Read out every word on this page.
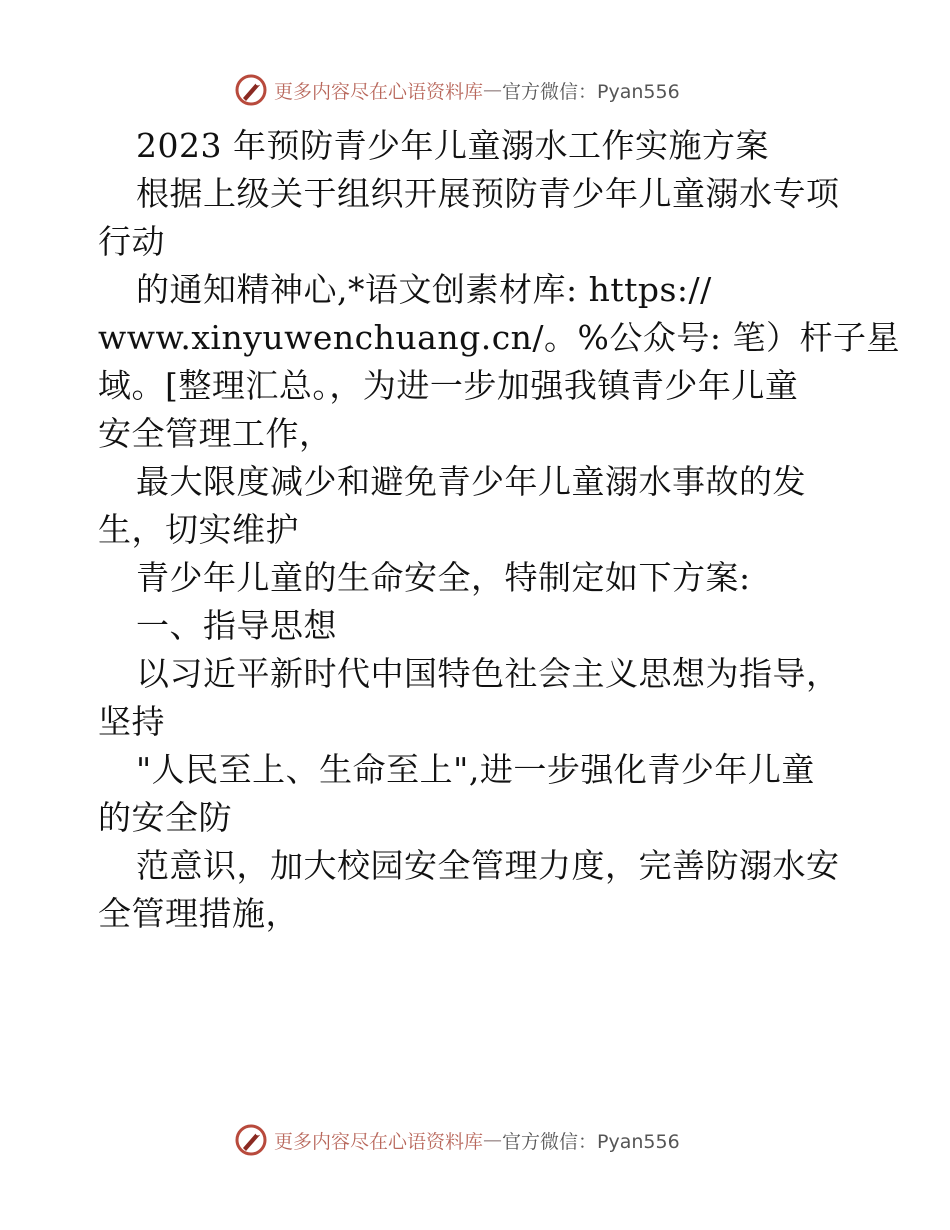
更多内容尽在心语资料库 — 官方微信：Pyan556
2023 年预防青少年儿童溺水工作实施方案
根据上级关于组织开展预防青少年儿童溺水专项
行动
的通知精神心,*语文创素材库: https://
www.xinyuwenchuang.cn/。%公众号: 笔）杆子星
域。[整理汇总。，为进一步加强我镇青少年儿童
安全管理工作，
最大限度减少和避免青少年儿童溺水事故的发
生，切实维护
青少年儿童的生命安全，特制定如下方案:
一、指导思想
以习近平新时代中国特色社会主义思想为指导，
坚持
"人民至上、生命至上",进一步强化青少年儿童
的安全防
范意识，加大校园安全管理力度，完善防溺水安
全管理措施，
更多内容尽在心语资料库 — 官方微信：Pyan556
